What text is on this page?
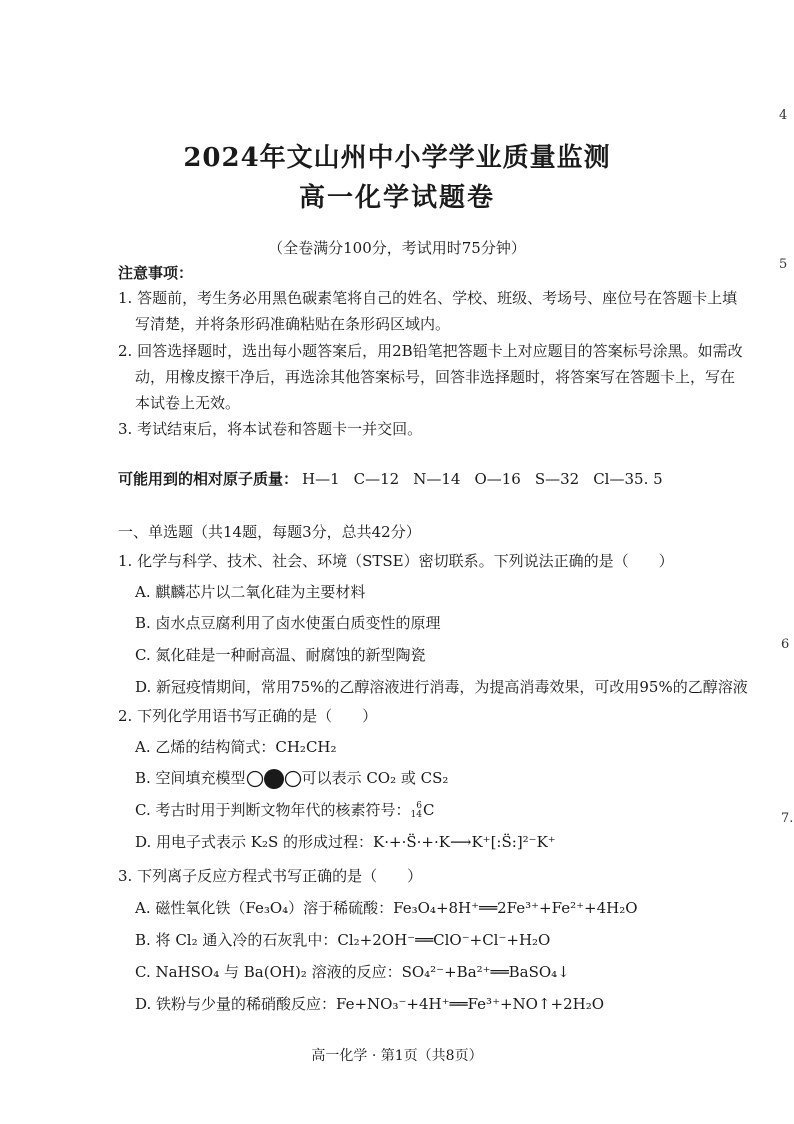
4
5
6
7.
2024年文山州中小学学业质量监测
高一化学试题卷
（全卷满分100分，考试用时75分钟）
注意事项：
1. 答题前，考生务必用黑色碳素笔将自己的姓名、学校、班级、考场号、座位号在答题卡上填
写清楚，并将条形码准确粘贴在条形码区域内。
2. 回答选择题时，选出每小题答案后，用2B铅笔把答题卡上对应题目的答案标号涂黑。如需改
动，用橡皮擦干净后，再选涂其他答案标号，回答非选择题时，将答案写在答题卡上，写在
本试卷上无效。
3. 考试结束后，将本试卷和答题卡一并交回。
可能用到的相对原子质量： H—1 C—12 N—14 O—16 S—32 Cl—35. 5
一、单选题（共14题，每题3分，总共42分）
1. 化学与科学、技术、社会、环境（STSE）密切联系。下列说法正确的是（　　）
A. 麒麟芯片以二氧化硅为主要材料
B. 卤水点豆腐利用了卤水使蛋白质变性的原理
C. 氮化硅是一种耐高温、耐腐蚀的新型陶瓷
D. 新冠疫情期间，常用75%的乙醇溶液进行消毒，为提高消毒效果，可改用95%的乙醇溶液
2. 下列化学用语书写正确的是（　　）
A. 乙烯的结构简式：CH₂CH₂
B. 空间填充模型	可以表示 CO₂ 或 CS₂
C. 考古时用于判断文物年代的核素符号： 6
14 C
D. 用电子式表示 K₂S 的形成过程：K·+·S̈·+·K⟶K⁺[:S̈:]²⁻K⁺
3. 下列离子反应方程式书写正确的是（　　）
A. 磁性氧化铁（Fe₃O₄）溶于稀硫酸：Fe₃O₄+8H⁺══2Fe³⁺+Fe²⁺+4H₂O
B. 将 Cl₂ 通入冷的石灰乳中：Cl₂+2OH⁻══ClO⁻+Cl⁻+H₂O
C. NaHSO₄ 与 Ba(OH)₂ 溶液的反应：SO₄²⁻+Ba²⁺══BaSO₄↓
D. 铁粉与少量的稀硝酸反应：Fe+NO₃⁻+4H⁺══Fe³⁺+NO↑+2H₂O
高一化学 · 第1页（共8页）
